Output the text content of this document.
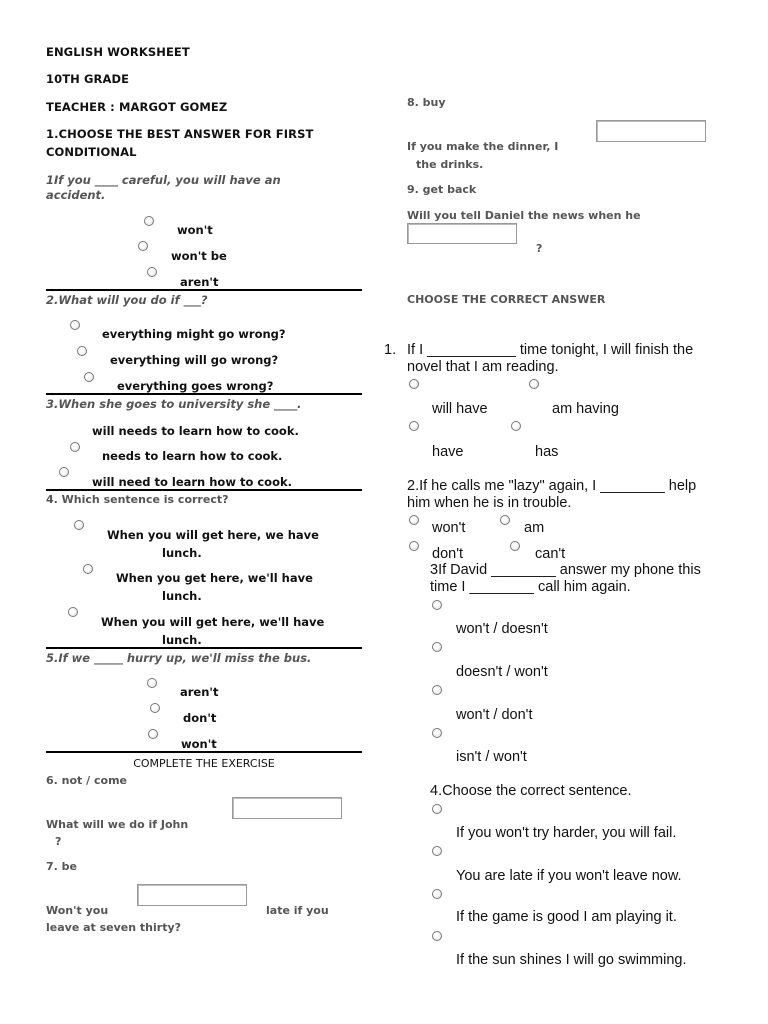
ENGLISH WORKSHEET
10TH GRADE
TEACHER : MARGOT GOMEZ
1.CHOOSE THE BEST ANSWER FOR FIRST
CONDITIONAL
1If you ____ careful, you will have an
accident.
won't
won't be
aren't
2.What will you do if ___?
everything might go wrong?
everything will go wrong?
everything goes wrong?
3.When she goes to university she ____.
will needs to learn how to cook.
needs to learn how to cook.
will need to learn how to cook.
4. Which sentence is correct?
When you will get here, we have
lunch.
When you get here, we'll have
lunch.
When you will get here, we'll have
lunch.
5.If we _____ hurry up, we'll miss the bus.
aren't
don't
won't
COMPLETE THE EXERCISE
6. not / come
What will we do if John
?
7. be
Won't you	late if you
leave at seven thirty?
8. buy
If you make the dinner, I
the drinks.
9. get back
Will you tell Daniel the news when he
?
CHOOSE THE CORRECT ANSWER
1. If I ___________ time tonight, I will finish the
novel that I am reading.
will have	am having
have	has
2.If he calls me "lazy" again, I ________ help
him when he is in trouble.
won't	am
don't	can't
3If David ________ answer my phone this
time I ________ call him again.
won't / doesn't
doesn't / won't
won't / don't
isn't / won't
4.Choose the correct sentence.
If you won't try harder, you will fail.
You are late if you won't leave now.
If the game is good I am playing it.
If the sun shines I will go swimming.
